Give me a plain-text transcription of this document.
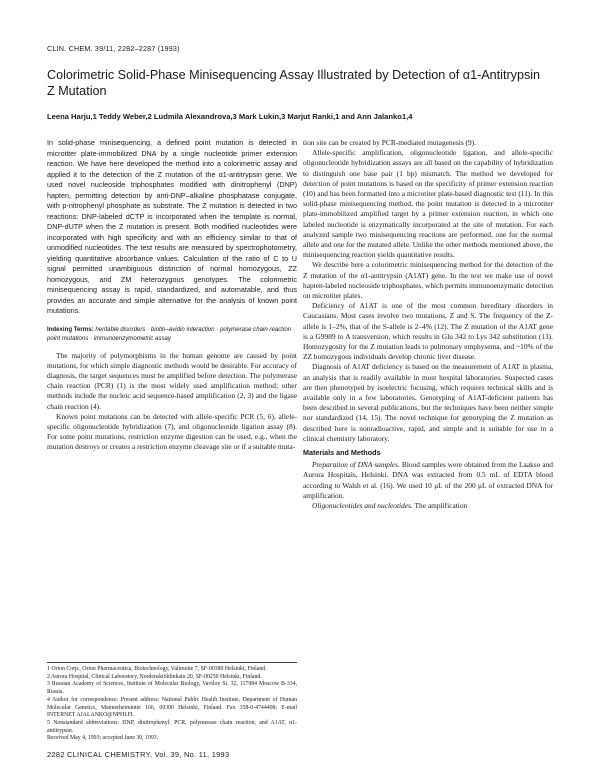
CLIN. CHEM. 39/11, 2282–2287 (1993)
Colorimetric Solid-Phase Minisequencing Assay Illustrated by Detection of α1-Antitrypsin Z Mutation
Leena Harju,1 Teddy Weber,2 Ludmila Alexandrova,3 Mark Lukin,3 Marjut Ranki,1 and Ann Jalanko1,4

In solid-phase minisequencing, a defined point mutation is detected in microtiter plate-immobilized DNA by a single nucleotide primer extension reaction. We have here developed the method into a colorimetric assay and applied it to the detection of the Z mutation of the α1-antitrypsin gene. We used novel nucleoside triphosphates modified with dinitrophenyl (DNP) hapten, permitting detection by anti-DNP–alkaline phosphatase conjugate, with p-nitrophenyl phosphate as substrate. The Z mutation is detected in two reactions: DNP-labeled dCTP is incorporated when the template is normal, DNP-dUTP when the Z mutation is present. Both modified nucleotides were incorporated with high specificity and with an efficiency similar to that of unmodified nucleotides. The test results are measured by spectrophotometry, yielding quantitative absorbance values. Calculation of the ratio of C to U signal permitted unambiguous distinction of normal homozygous, ZZ homozygous, and ZM heterozygous genotypes. The colorimetric minisequencing assay is rapid, standardized, and automatable, and thus provides an accurate and simple alternative for the analysis of known point mutations.

Indexing Terms: heritable disorders · biotin–avidin interaction · polymerase chain reaction · point mutations · immunoenzymometric assay

The majority of polymorphisms in the human genome are caused by point mutations, for which simple diagnostic methods would be desirable. For accuracy of diagnosis, the target sequences must be amplified before detection. The polymerase chain reaction (PCR) (1) is the most widely used amplification method; other methods include the nucleic acid sequence-based amplification (2, 3) and the ligase chain reaction (4).

Known point mutations can be detected with allele-specific PCR (5, 6), allele-specific oligonucleotide hybridization (7), and oligonucleotide ligation assay (8). For some point mutations, restriction enzyme digestion can be used, e.g., when the mutation destroys or creates a restriction enzyme cleavage site or if a suitable muta-

tion site can be created by PCR-mediated mutagenesis (9).

Allele-specific amplification, oligonucleotide ligation, and allele-specific oligonucleotide hybridization assays are all based on the capability of hybridization to distinguish one base pair (1 bp) mismatch. The method we developed for detection of point mutations is based on the specificity of primer extension reaction (10) and has been formatted into a microtiter plate-based diagnostic test (11). In this solid-phase minisequencing method, the point mutation is detected in a microtiter plate-immobilized amplified target by a primer extension reaction, in which one labeled nucleotide is enzymatically incorporated at the site of mutation. For each analyzed sample two minisequencing reactions are performed, one for the normal allele and one for the mutated allele. Unlike the other methods mentioned above, the minisequencing reaction yields quantitative results.

We describe here a colorimetric minisequencing method for the detection of the Z mutation of the α1-antitrypsin (A1AT) gene. In the test we make use of novel hapten-labeled nucleoside triphosphates, which permits immunoenzymatic detection on microtiter plates.

Deficiency of A1AT is one of the most common hereditary disorders in Caucasians. Most cases involve two mutations, Z and S. The frequency of the Z-allele is 1–2%, that of the S-allele is 2–4% (12). The Z mutation of the A1AT gene is a G9989 to A transversion, which results in Glu 342 to Lys 342 substitution (13). Homozygosity for the Z mutation leads to pulmonary emphysema, and ~10% of the ZZ homozygous individuals develop chronic liver disease.

Diagnosis of A1AT deficiency is based on the measurement of A1AT in plasma, an analysis that is readily available in most hospital laboratories. Suspected cases are then phenotyped by isoelectric focusing, which requires technical skills and is available only in a few laboratories. Genotyping of A1AT-deficient patients has been described in several publications, but the techniques have been neither simple nor standardized (14, 15). The novel technique for genotyping the Z mutation as described here is nonradioactive, rapid, and simple and is suitable for use in a clinical chemistry laboratory.

Materials and Methods

Preparation of DNA samples. Blood samples were obtained from the Laakso and Aurora Hospitals, Helsinki. DNA was extracted from 0.5 mL of EDTA blood according to Walsh et al. (16). We used 10 μL of the 200 μL of extracted DNA for amplification.

Oligonucleotides and nucleotides. The amplification

1 Orion Corp., Orion Pharmaceutica, Biotechnology, Valimotie 7, SF-00380 Helsinki, Finland.

2 Aurora Hospital, Clinical Laboratory, Nordenskiöldinkatu 20, SF-00250 Helsinki, Finland.

3 Russian Academy of Sciences, Institute of Molecular Biology, Vavilov St. 32, 117984 Moscow B-334, Russia.

4 Author for correspondence. Present address: National Public Health Institute, Department of Human Molecular Genetics, Mannerheimintie 166, 00300 Helsinki, Finland. Fax 358-0-4744408; E-mail INTERNET AJALANKO@NPHI.FI.

5 Nonstandard abbreviations: DNP, dinitrophenyl; PCR, polymerase chain reaction; and A1AT, α1-antitrypsin.

Received May 4, 1993; accepted June 30, 1993.

2282 CLINICAL CHEMISTRY, Vol. 39, No. 11, 1993
